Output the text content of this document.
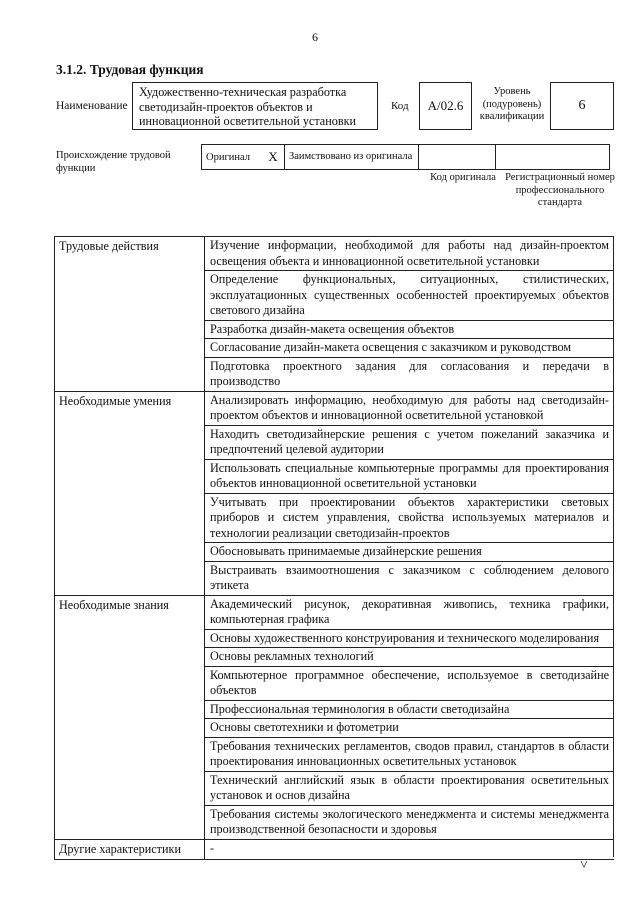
6
3.1.2. Трудовая функция
Наименование
Художественно-техническая разработка светодизайн-проектов объектов и инновационной осветительной установки
Код	А/02.6
Уровень (подуровень) квалификации
6
Происхождение трудовой функции
Оригинал	Х	Заимствовано из оригинала		
Код оригинала Регистрационный номер профессионального стандарта
Трудовые действия	Изучение информации, необходимой для работы над дизайн-проектом освещения объекта и инновационной осветительной установки
Определение функциональных, ситуационных, стилистических, эксплуатационных существенных особенностей проектируемых объектов светового дизайна
Разработка дизайн-макета освещения объектов
Согласование дизайн-макета освещения с заказчиком и руководством
Подготовка проектного задания для согласования и передачи в производство
Необходимые умения	Анализировать информацию, необходимую для работы над светодизайн-проектом объектов и инновационной осветительной установкой
Находить светодизайнерские решения с учетом пожеланий заказчика и предпочтений целевой аудитории
Использовать специальные компьютерные программы для проектирования объектов инновационной осветительной установки
Учитывать при проектировании объектов характеристики световых приборов и систем управления, свойства используемых материалов и технологии реализации светодизайн-проектов
Обосновывать принимаемые дизайнерские решения
Выстраивать взаимоотношения с заказчиком с соблюдением делового этикета
Необходимые знания	Академический рисунок, декоративная живопись, техника графики, компьютерная графика
Основы художественного конструирования и технического моделирования
Основы рекламных технологий
Компьютерное программное обеспечение, используемое в светодизайне объектов
Профессиональная терминология в области светодизайна
Основы светотехники и фотометрии
Требования технических регламентов, сводов правил, стандартов в области проектирования инновационных осветительных установок
Технический английский язык в области проектирования осветительных установок и основ дизайна
Требования системы экологического менеджмента и системы менеджмента производственной безопасности и здоровья
Другие характеристики	-
˅
